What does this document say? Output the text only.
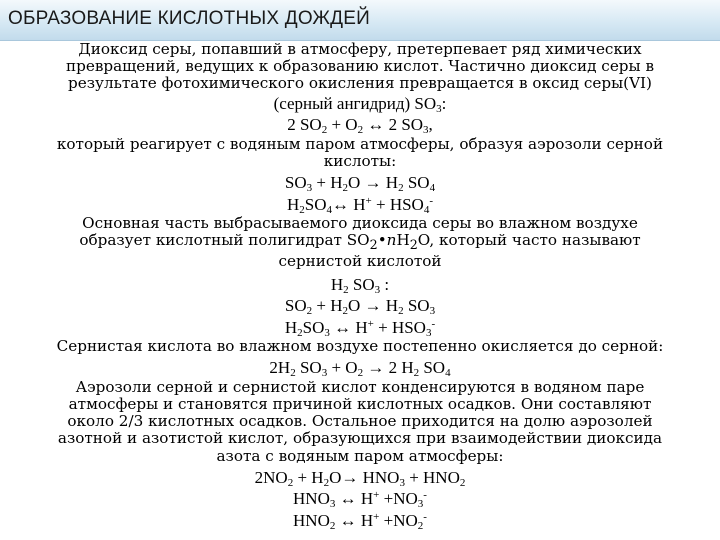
ОБРАЗОВАНИЕ КИСЛОТНЫХ ДОЖДЕЙ

Диоксид серы, попавший в атмосферу, претерпевает ряд химических

превращений, ведущих к образованию кислот. Частично диоксид серы в

результате фотохимического окисления превращается в оксид серы(VI)

(серный ангидрид) $SO_3$:

2 $SO_2 + O_2$ ↔ 2 $SO_3$,

который реагирует с водяным паром атмосферы, образуя аэрозоли серной

кислоты:

$SO_3 + H_2O \to H_2$ $SO_4$

$H_2SO_4\leftrightarrow$ $H^+ + HSO_4^-$

Основная часть выбрасываемого диоксида серы во влажном воздухе

образует кислотный полигидрат $SO_2•nH_2O$, который часто называют

сернистой кислотой

$H_2$ $SO_3$ :

$SO_2 + H_2O \to H_2$ $SO_3$

$H_2SO_3$ ↔ $H^+ + HSO_3^-$

Сернистая кислота во влажном воздухе постепенно окисляется до серной:

$2H_2$ $SO_3 + O_2 \to 2$ $H_2$ $SO_4$

Аэрозоли серной и сернистой кислот конденсируются в водяном паре

атмосферы и становятся причиной кислотных осадков. Они составляют

около 2/3 кислотных осадков. Остальное приходится на долю аэрозолей

азотной и азотистой кислот, образующихся при взаимодействии диоксида

азота с водяным паром атмосферы:

$2NO_2 + H_2O\to HNO_3 + HNO_2$

$HNO_3$ ↔ $H^+ +NO_3^-$

$HNO_2$ ↔ $H^+ +NO_2^-$
